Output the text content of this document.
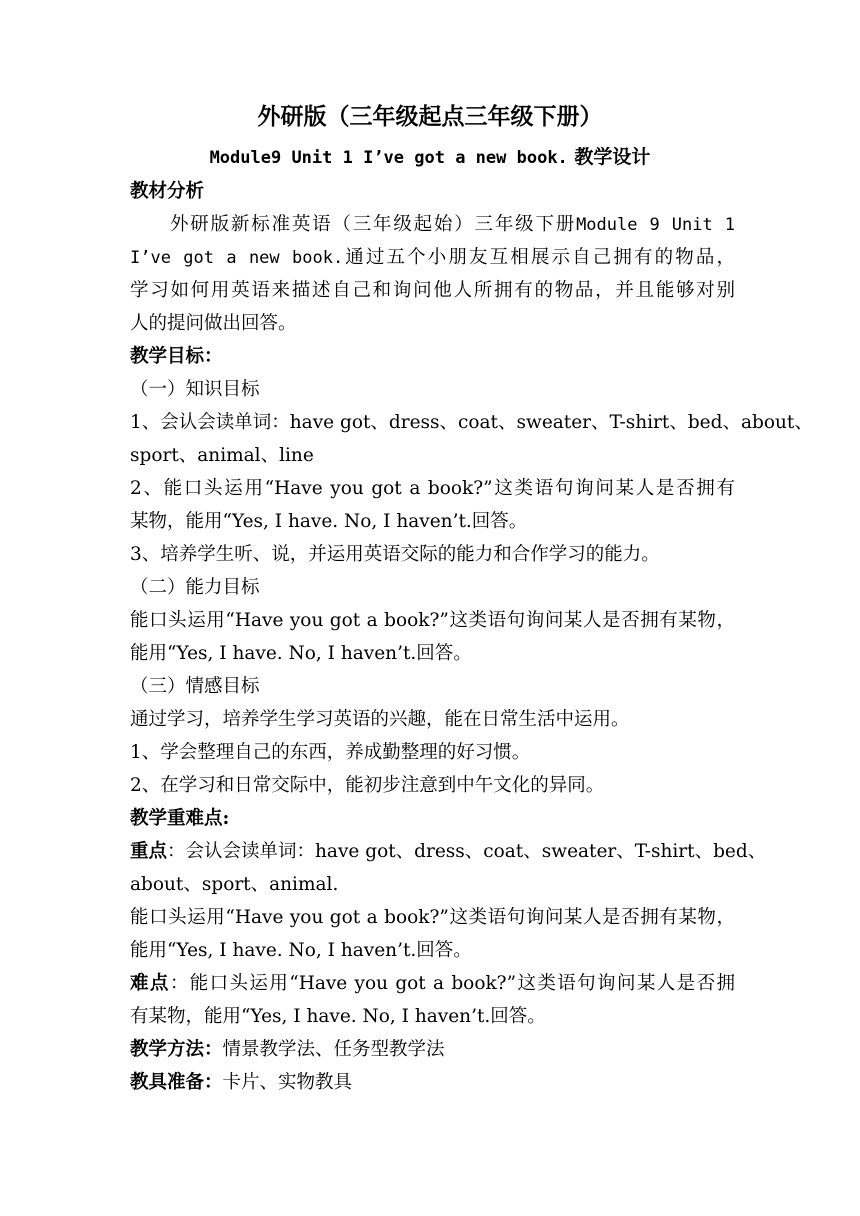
外研版（三年级起点三年级下册）
Module9 Unit 1 I’ve got a new book. 教学设计
教材分析
外研版新标准英语（三年级起始）三年级下册Module 9 Unit 1
I’ve got a new book.通过五个小朋友互相展示自己拥有的物品，
学习如何用英语来描述自己和询问他人所拥有的物品，并且能够对别
人的提问做出回答。
教学目标：
（一）知识目标
1、会认会读单词：have got、dress、coat、sweater、T-shirt、bed、about、
sport、animal、line
2、能口头运用“Have you got a book?”这类语句询问某人是否拥有
某物，能用“Yes, I have. No, I haven’t.回答。
3、培养学生听、说，并运用英语交际的能力和合作学习的能力。
（二）能力目标
能口头运用“Have you got a book?”这类语句询问某人是否拥有某物，
能用“Yes, I have. No, I haven’t.回答。
（三）情感目标
通过学习，培养学生学习英语的兴趣，能在日常生活中运用。
1、学会整理自己的东西，养成勤整理的好习惯。
2、在学习和日常交际中，能初步注意到中午文化的异同。
教学重难点:
重点：会认会读单词：have got、dress、coat、sweater、T-shirt、bed、
about、sport、animal.
能口头运用“Have you got a book?”这类语句询问某人是否拥有某物，
能用“Yes, I have. No, I haven’t.回答。
难点：能口头运用“Have you got a book?”这类语句询问某人是否拥
有某物，能用“Yes, I have. No, I haven’t.回答。
教学方法：情景教学法、任务型教学法
教具准备：卡片、实物教具
